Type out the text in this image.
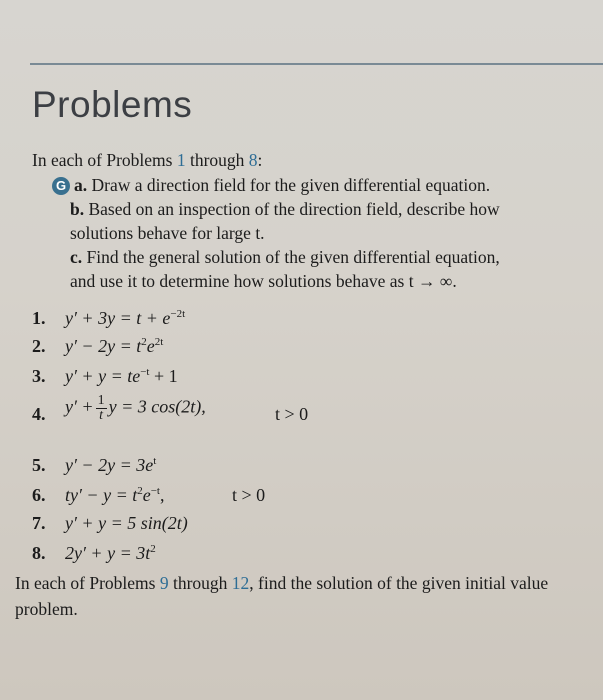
Problems
In each of Problems 1 through 8:
G a. Draw a direction field for the given differential equation.
b. Based on an inspection of the direction field, describe how
solutions behave for large t.
c. Find the general solution of the given differential equation,
and use it to determine how solutions behave as t → ∞.
1. $y' + 3y = t + e^{-2t}$
2. $y' - 2y = t^2e^{2t}$
3. $y' + y = te^{-t} + 1$
4. $y' + \frac{1}{t}$ y = 3 cos(2t),	t > 0
5. $y' - 2y = 3e^t$
6. $ty' - y = t^2e^{-t}$,	t > 0
7. y′ + y = 5 sin(2t)
8. $2y' + y = 3t^2$
In each of Problems 9 through 12, find the solution of the given initial value problem.
